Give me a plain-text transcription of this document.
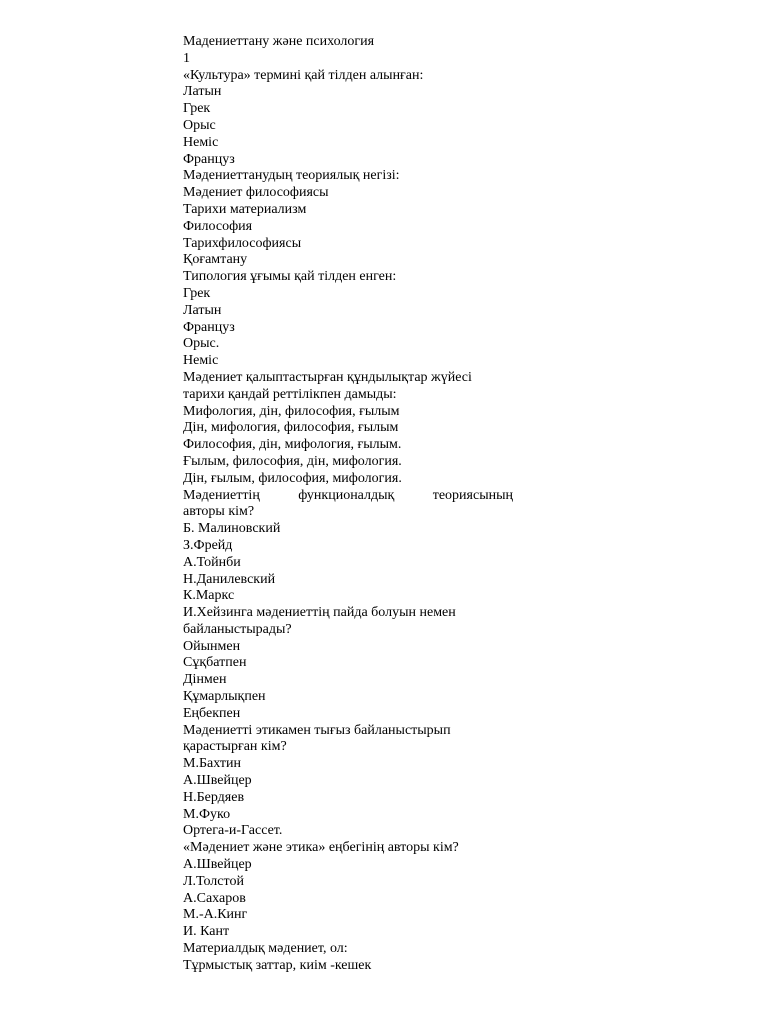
Мадениеттану және психология
1
«Культура» термині қай тілден алынған:
Латын
Грек
Орыс
Неміс
Француз
Мәдениеттанудың теориялық негізі:
Мәдениет философиясы
Тарихи материализм
Философия
Тарихфилософиясы
Қоғамтану
Типология ұғымы қай тілден енген:
Грек
Латын
Француз
Орыс.
Неміс
Мәдениет қалыптастырған құндылықтар жүйесі
тарихи қандай реттілікпен дамыды:
Мифология, дін, философия, ғылым
Дін, мифология, философия, ғылым
Философия, дін, мифология, ғылым.
Ғылым, философия, дін, мифология.
Дін, ғылым, философия, мифология.
Мәдениеттің функционалдық теориясының
авторы кім?
Б. Малиновский
З.Фрейд
А.Тойнби
Н.Данилевский
К.Маркс
И.Хейзинга мәдениеттің пайда болуын немен
байланыстырады?
Ойынмен
Сұқбатпен
Дінмен
Құмарлықпен
Еңбекпен
Мәдениетті этикамен тығыз байланыстырып
қарастырған кім?
М.Бахтин
А.Швейцер
Н.Бердяев
М.Фуко
Ортега-и-Гассет.
«Мәдениет және этика» еңбегінің авторы кім?
А.Швейцер
Л.Толстой
А.Сахаров
М.-А.Кинг
И. Кант
Материалдық мәдениет, ол:
Тұрмыстық заттар, киім -кешек
